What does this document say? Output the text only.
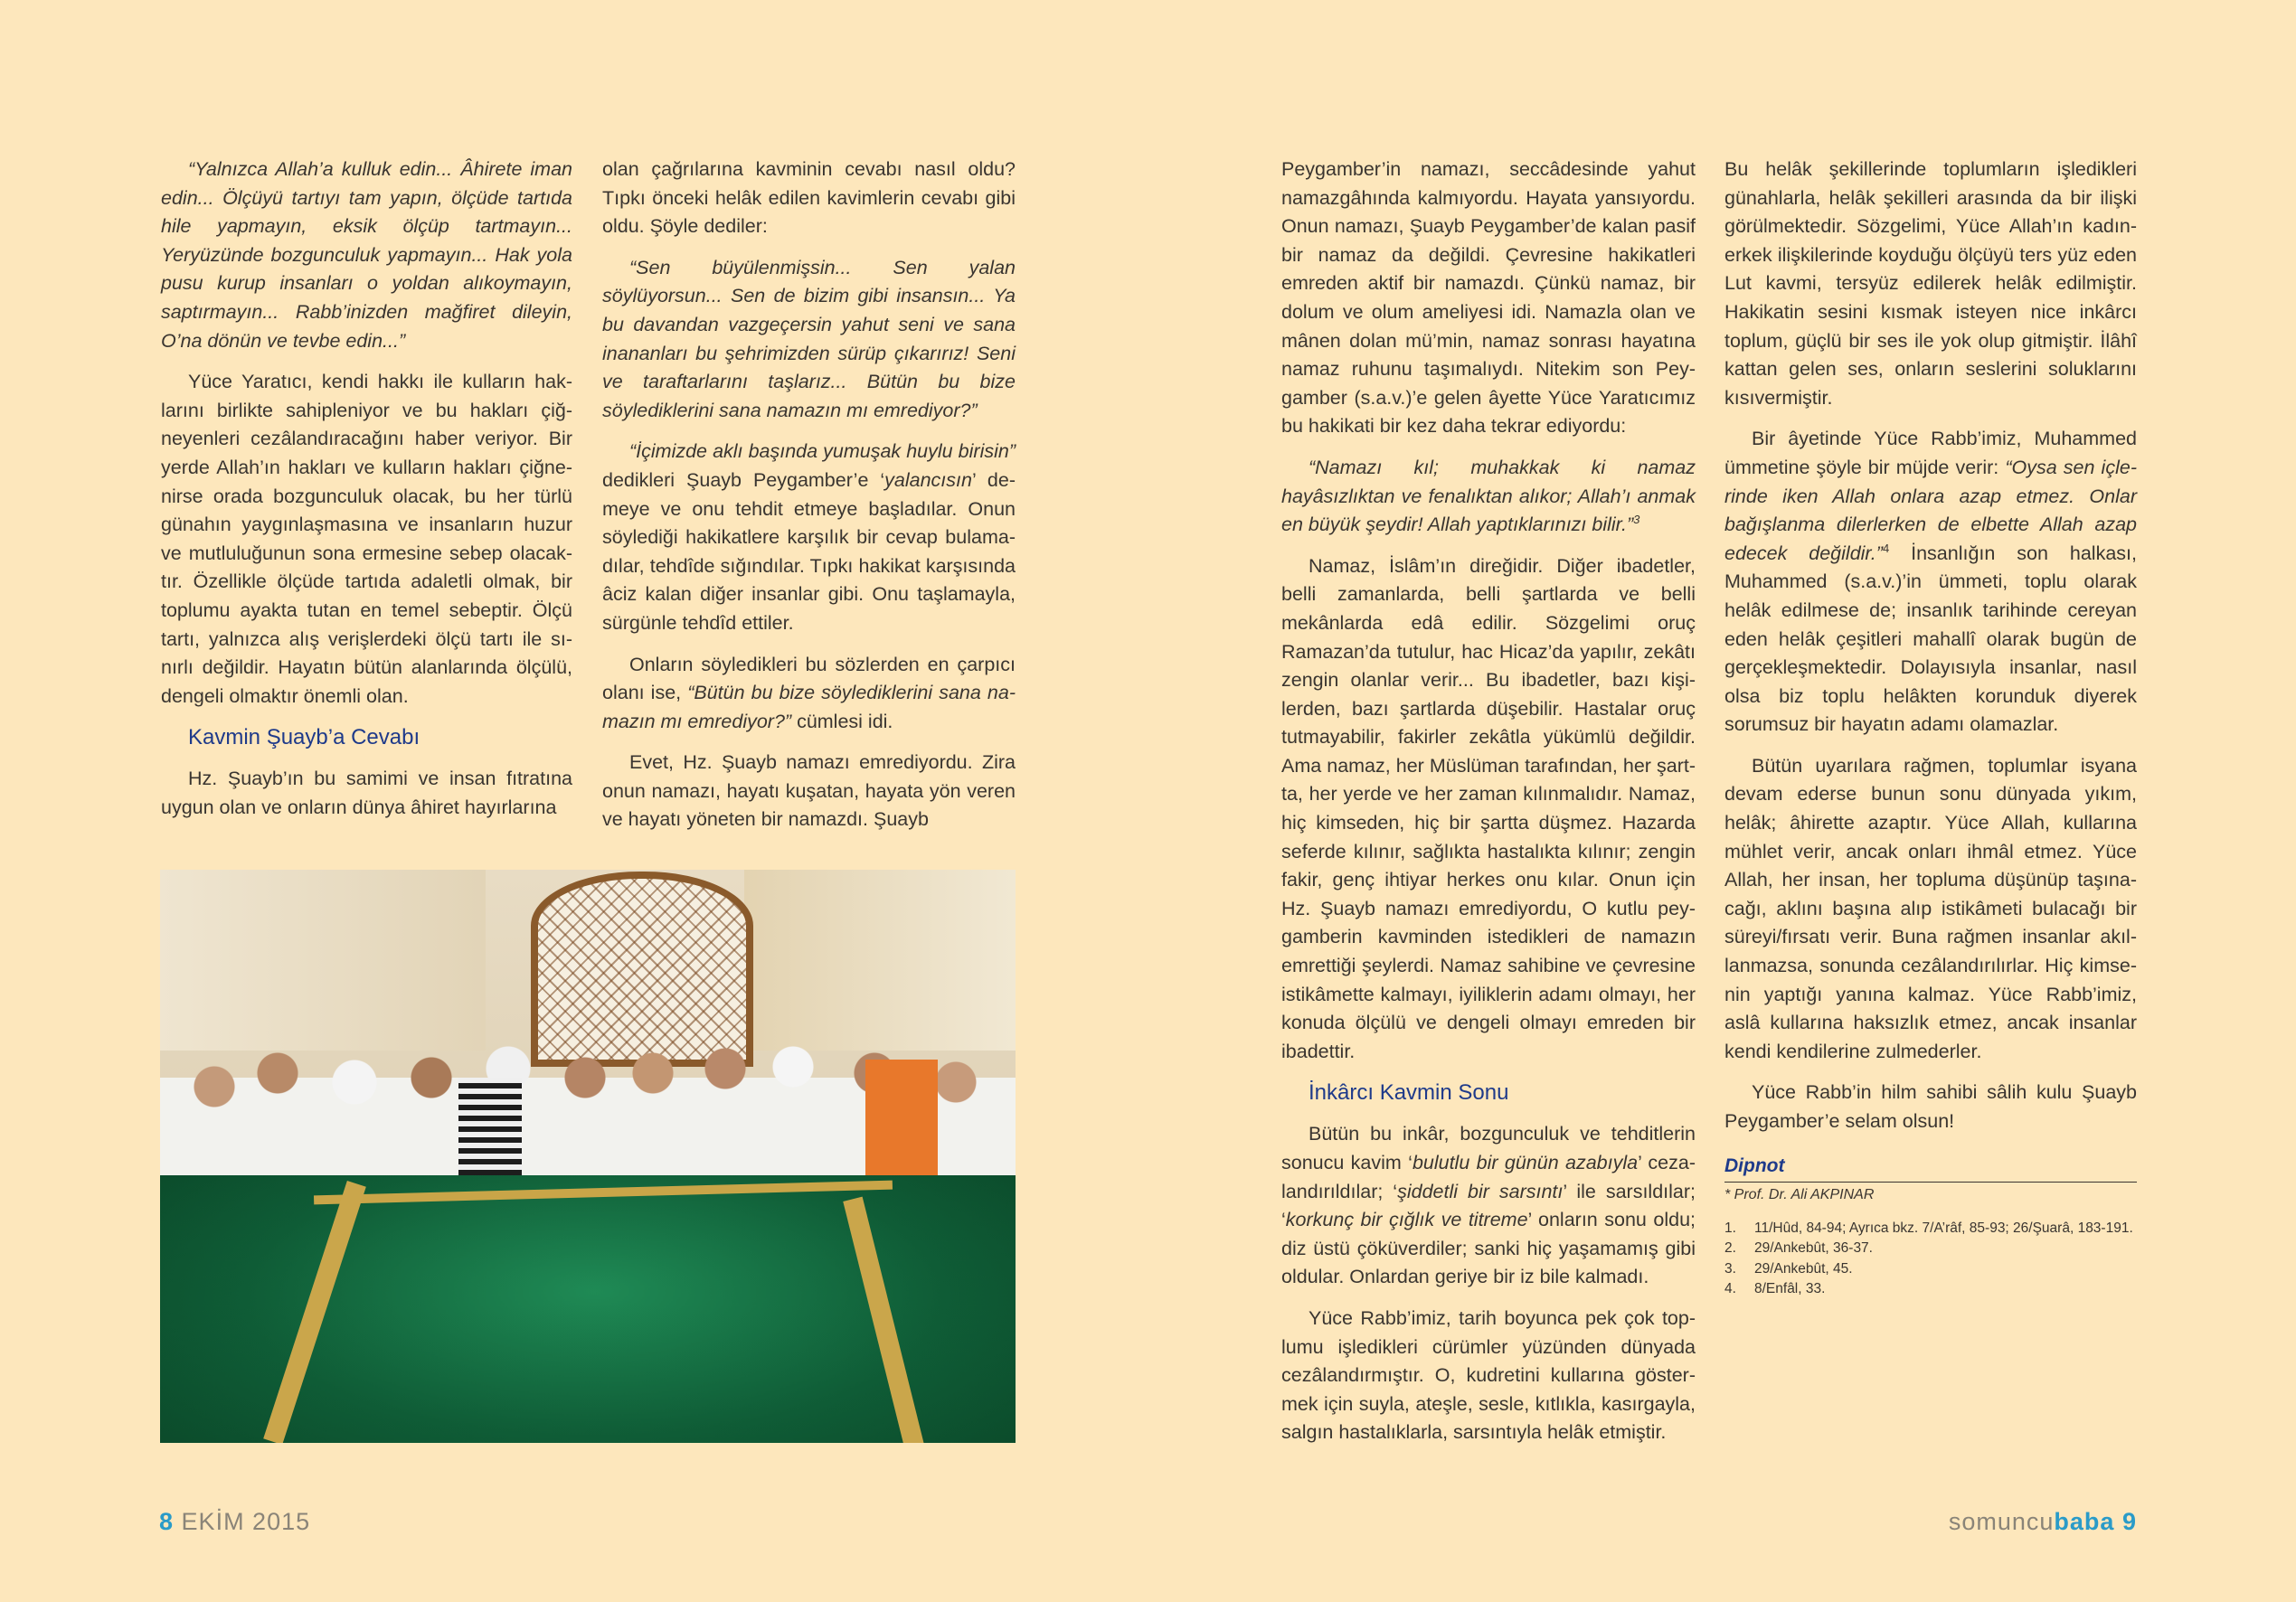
“Yalnızca Allah’a kulluk edin... Âhirete iman edin... Ölçüyü tartıyı tam yapın, ölçüde tartıda hile yapmayın, eksik ölçüp tartmayın... Yeryüzünde bozgunculuk yapmayın... Hak yola pusu kurup insanları o yoldan alıkoymayın, saptırmayın... Rabb’inizden mağfiret dileyin, O’na dönün ve tevbe edin...”

Yüce Yaratıcı, kendi hakkı ile kulların haklarını birlikte sahipleniyor ve bu hakları çiğneyenleri cezâlandıracağını haber veriyor. Bir yerde Allah’ın hakları ve kulların hakları çiğnenirse orada bozgunculuk olacak, bu her türlü günahın yaygınlaşmasına ve insanların huzur ve mutluluğunun sona ermesine sebep olacaktır. Özellikle ölçüde tartıda adaletli olmak, bir toplumu ayakta tutan en temel sebeptir. Ölçü tartı, yalnızca alış verişlerdeki ölçü tartı ile sınırlı değildir. Hayatın bütün alanlarında ölçülü, dengeli olmaktır önemli olan.

Kavmin Şuayb’a Cevabı

Hz. Şuayb’ın bu samimi ve insan fıtratına uygun olan ve onların dünya âhiret hayırlarına

olan çağrılarına kavminin cevabı nasıl oldu? Tıpkı önceki helâk edilen kavimlerin cevabı gibi oldu. Şöyle dediler:

“Sen büyülenmişsin... Sen yalan söylüyorsun... Sen de bizim gibi insansın... Ya bu davandan vazgeçersin yahut seni ve sana inananları bu şehrimizden sürüp çıkarırız! Seni ve taraftarlarını taşlarız... Bütün bu bize söylediklerini sana namazın mı emrediyor?”

“İçimizde aklı başında yumuşak huylu birisin” dedikleri Şuayb Peygamber’e ‘yalancısın’ demeye ve onu tehdit etmeye başladılar. Onun söylediği hakikatlere karşılık bir cevap bulamadılar, tehdîde sığındılar. Tıpkı hakikat karşısında âciz kalan diğer insanlar gibi. Onu taşlamayla, sürgünle tehdîd ettiler.

Onların söyledikleri bu sözlerden en çarpıcı olanı ise, “Bütün bu bize söylediklerini sana namazın mı emrediyor?” cümlesi idi.

Evet, Hz. Şuayb namazı emrediyordu. Zira onun namazı, hayatı kuşatan, hayata yön veren ve hayatı yöneten bir namazdı. Şuayb

Peygamber’in namazı, seccâdesinde yahut namazgâhında kalmıyordu. Hayata yansıyordu. Onun namazı, Şuayb Peygamber’de kalan pasif bir namaz da değildi. Çevresine hakikatleri emreden aktif bir namazdı. Çünkü namaz, bir dolum ve olum ameliyesi idi. Namazla olan ve mânen dolan mü’min, namaz sonrası hayatına namaz ruhunu taşımalıydı. Nitekim son Peygamber (s.a.v.)’e gelen âyette Yüce Yaratıcımız bu hakikati bir kez daha tekrar ediyordu:

“Namazı kıl; muhakkak ki namaz hayâsızlıktan ve fenalıktan alıkor; Allah’ı anmak en büyük şeydir! Allah yaptıklarınızı bilir.”$^3$

Namaz, İslâm’ın direğidir. Diğer ibadetler, belli zamanlarda, belli şartlarda ve belli mekânlarda edâ edilir. Sözgelimi oruç Ramazan’da tutulur, hac Hicaz’da yapılır, zekâtı zengin olanlar verir... Bu ibadetler, bazı kişilerden, bazı şartlarda düşebilir. Hastalar oruç tutmayabilir, fakirler zekâtla yükümlü değildir. Ama namaz, her Müslüman tarafından, her şartta, her yerde ve her zaman kılınmalıdır. Namaz, hiç kimseden, hiç bir şartta düşmez. Hazarda seferde kılınır, sağlıkta hastalıkta kılınır; zengin fakir, genç ihtiyar herkes onu kılar. Onun için Hz. Şuayb namazı emrediyordu, O kutlu peygamberin kavminden istedikleri de namazın emrettiği şeylerdi. Namaz sahibine ve çevresine istikâmette kalmayı, iyiliklerin adamı olmayı, her konuda ölçülü ve dengeli olmayı emreden bir ibadettir.

İnkârcı Kavmin Sonu

Bütün bu inkâr, bozgunculuk ve tehditlerin sonucu kavim ‘bulutlu bir günün azabıyla’ cezalandırıldılar; ‘şiddetli bir sarsıntı’ ile sarsıldılar; ‘korkunç bir çığlık ve titreme’ onların sonu oldu; diz üstü çöküverdiler; sanki hiç yaşamamış gibi oldular. Onlardan geriye bir iz bile kalmadı.

Yüce Rabb’imiz, tarih boyunca pek çok toplumu işledikleri cürümler yüzünden dünyada cezâlandırmıştır. O, kudretini kullarına göstermek için suyla, ateşle, sesle, kıtlıkla, kasırgayla, salgın hastalıklarla, sarsıntıyla helâk etmiştir.

Bu helâk şekillerinde toplumların işledikleri günahlarla, helâk şekilleri arasında da bir ilişki görülmektedir. Sözgelimi, Yüce Allah’ın kadınerkek ilişkilerinde koyduğu ölçüyü ters yüz eden Lut kavmi, tersyüz edilerek helâk edilmiştir. Hakikatin sesini kısmak isteyen nice inkârcı toplum, güçlü bir ses ile yok olup gitmiştir. İlâhî kattan gelen ses, onların seslerini soluklarını kısıvermiştir.

Bir âyetinde Yüce Rabb’imiz, Muhammed ümmetine şöyle bir müjde verir: “Oysa sen içlerinde iken Allah onlara azap etmez. Onlar bağışlanma dilerlerken de elbette Allah azap edecek değildir.”$^4$ İnsanlığın son halkası, Muhammed (s.a.v.)’in ümmeti, toplu olarak helâk edilmese de; insanlık tarihinde cereyan eden helâk çeşitleri mahallî olarak bugün de gerçekleşmektedir. Dolayısıyla insanlar, nasıl olsa biz toplu helâkten korunduk diyerek sorumsuz bir hayatın adamı olamazlar.

Bütün uyarılara rağmen, toplumlar isyana devam ederse bunun sonu dünyada yıkım, helâk; âhirette azaptır. Yüce Allah, kullarına mühlet verir, ancak onları ihmâl etmez. Yüce Allah, her insan, her topluma düşünüp taşınacağı, aklını başına alıp istikâmeti bulacağı bir süreyi/fırsatı verir. Buna rağmen insanlar akıllanmazsa, sonunda cezâlandırılırlar. Hiç kimsenin yaptığı yanına kalmaz. Yüce Rabb’imiz, aslâ kullarına haksızlık etmez, ancak insanlar kendi kendilerine zulmederler.

Yüce Rabb’in hilm sahibi sâlih kulu Şuayb Peygamber’e selam olsun!

Dipnot
* Prof. Dr. Ali AKPINAR
1.	11/Hûd, 84-94; Ayrıca bkz. 7/A’râf, 85-93; 26/Şuarâ, 183-191.
2.	29/Ankebût, 36-37.
3.	29/Ankebût, 45.
4.	8/Enfâl, 33.
8 EKİM 2015	somuncubaba 9
